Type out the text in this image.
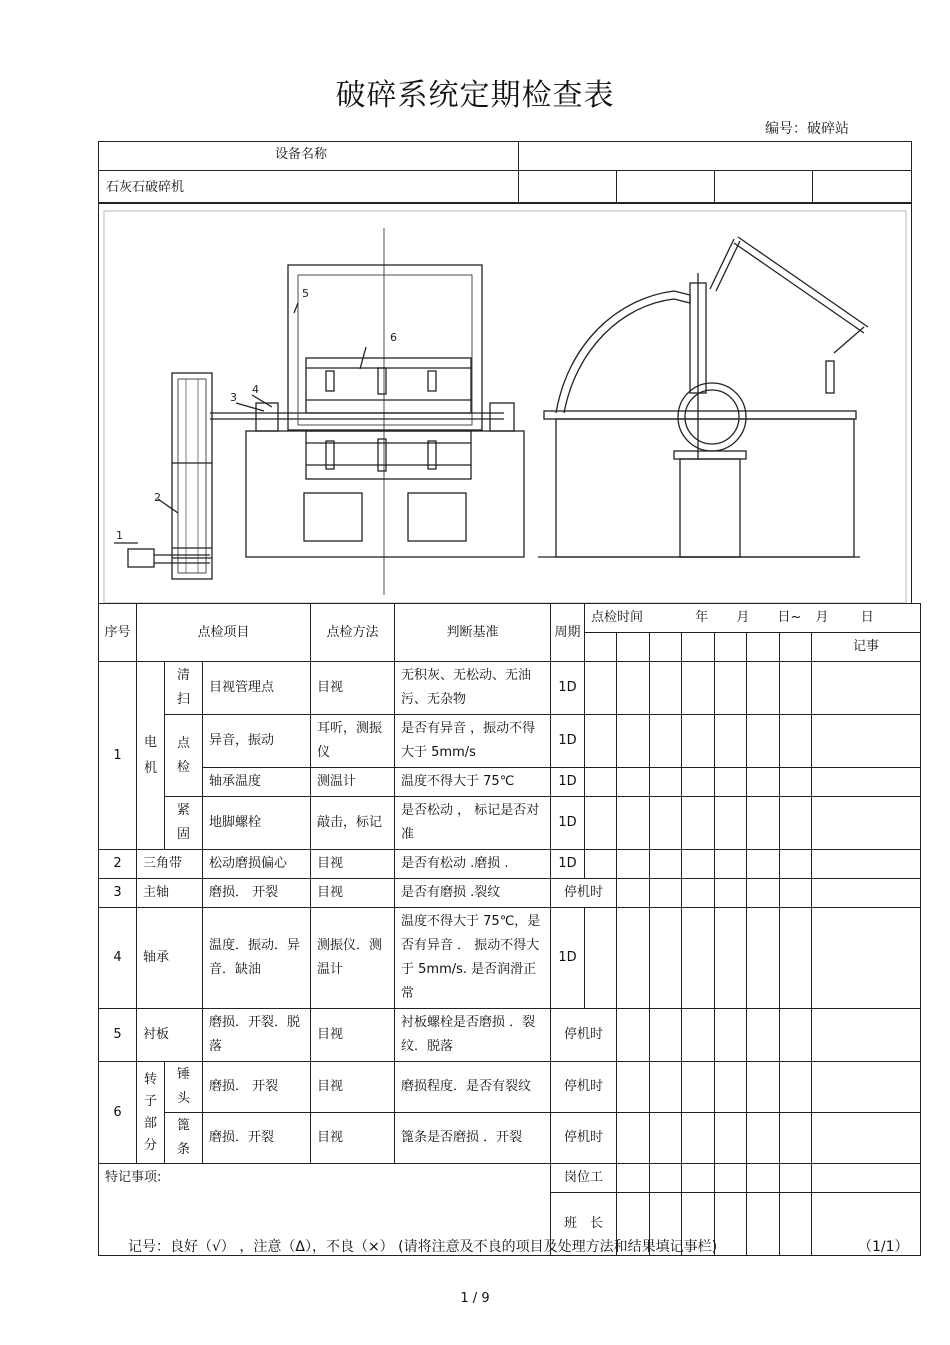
破碎系统定期检查表
编号：破碎站
设备名称
石灰石破碎机
1
2
3
4
5
6
序号	点检项目			点检方法	判断基准	周期	点检时间 年 月 日~ 月 日							
														记事
1	电机	清扫	目视管理点	目视	无积灰、无松动、无油污、无杂物	1D								
		点检	异音，振动	耳听，测振仪	是否有异音 ，振动不得大于 5mm/s	1D								
			轴承温度	测温计	温度不得大于 75℃	1D								
		紧固	地脚螺栓	敲击，标记	是否松动 ， 标记是否对准	1D								
2	三角带		松动磨损偏心	目视	是否有松动 .磨损 .	1D								
3	主轴		磨损． 开裂	目视	是否有磨损 .裂纹	停机时								
4	轴承		温度．振动．异音．缺油	测振仪．测温计	温度不得大于 75℃，是否有异音 ． 振动不得大于 5mm/s. 是否润滑正常	1D								
5	衬板		磨损．开裂．脱落	目视	衬板螺栓是否磨损 ．裂纹．脱落	停机时								
6	转子部分	锤头	磨损． 开裂	目视	磨损程度．是否有裂纹	停机时								
		篦条	磨损．开裂	目视	篦条是否磨损 ．开裂	停机时								
特记事项:						岗位工								
						班　长								
记号：良好（√） ，注意（Δ），不良（×） (请将注意及不良的项目及处理方法和结果填记事栏)	（1/1）
1 / 9
